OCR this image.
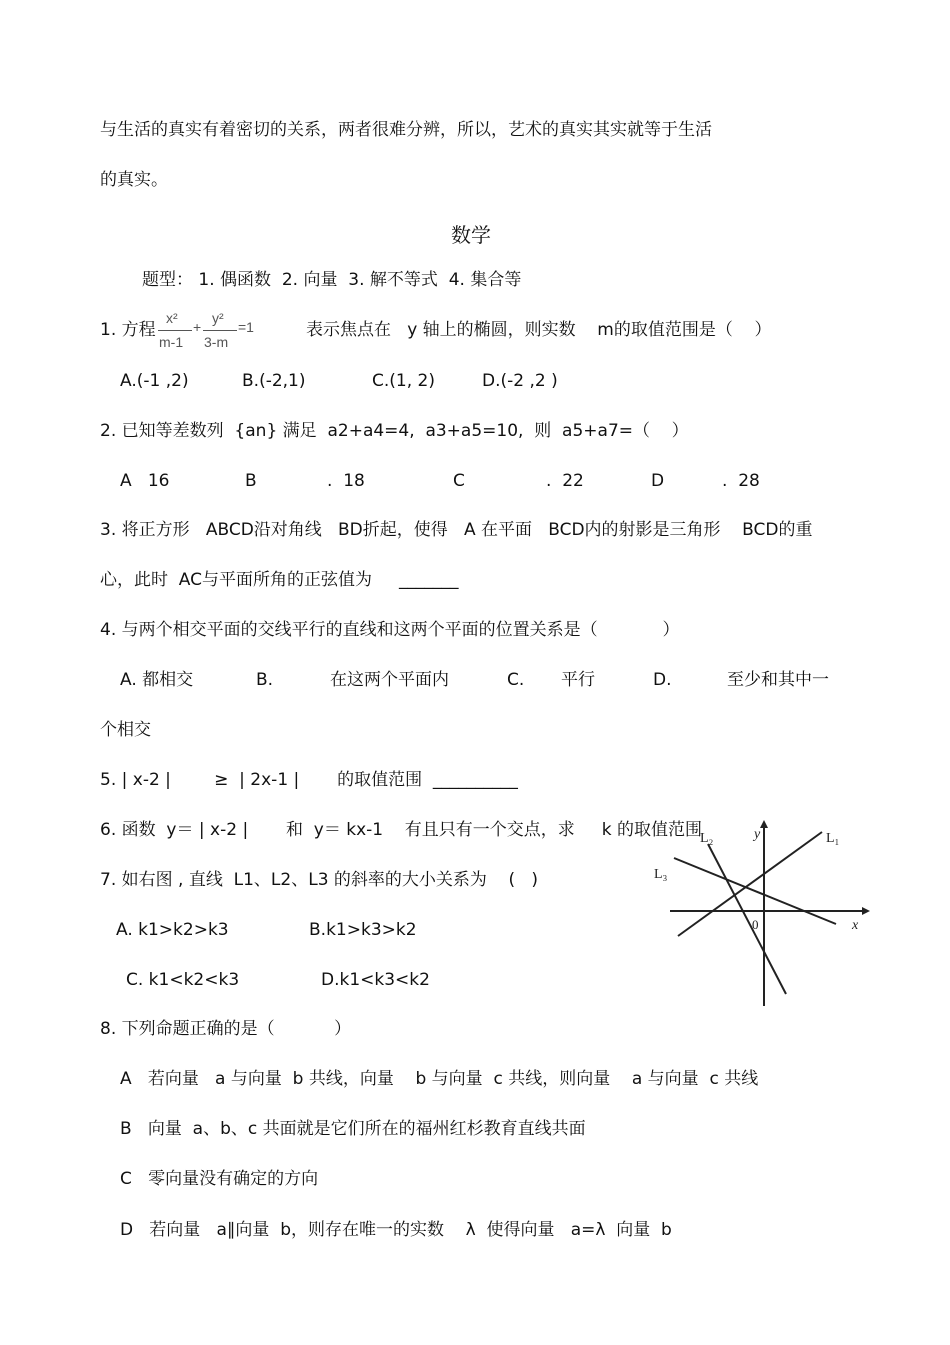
与生活的真实有着密切的关系，两者很难分辨，所以，艺术的真实其实就等于生活
的真实。
数学
题型： 1. 偶函数  2. 向量  3. 解不等式  4. 集合等
1. 方程
x²
m-1
+
y²
3-m
=1	表示焦点在   y 轴上的椭圆，则实数    m的取值范围是（    ）
A.(-1 ,2)	B.(-2,1)	C.(1, 2)	D.(-2 ,2 )
2. 已知等差数列  {an} 满足  a2+a4=4,  a3+a5=10,  则  a5+a7=（    ）
A   16	B	.  18	C	.  22	D	.  28
3. 将正方形   ABCD沿对角线   BD折起，使得   A 在平面   BCD内的射影是三角形    BCD的重
心，此时  AC与平面所角的正弦值为     _______
4. 与两个相交平面的交线平行的直线和这两个平面的位置关系是（            ）
A. 都相交	B.	在这两个平面内	C. 平行	D.	至少和其中一
个相交
5. | x-2 |        ≥  | 2x-1 |       的取值范围  __________
6. 函数  y＝ | x-2 |       和  y＝ kx-1    有且只有一个交点，求     k 的取值范围
7. 如右图 , 直线  L1、L2、L3 的斜率的大小关系为    (   )
A. k1>k2>k3	B.k1>k3>k2
C. k1<k2<k3	D.k1<k3<k2
y
x
0
L₁
L₂
L₃
8. 下列命题正确的是（           ）
A   若向量   a 与向量  b 共线，向量    b 与向量  c 共线，则向量    a 与向量  c 共线
B   向量  a、b、c 共面就是它们所在的福州红杉教育直线共面
C   零向量没有确定的方向
D   若向量   a∥向量  b，则存在唯一的实数    λ  使得向量   a=λ  向量  b
